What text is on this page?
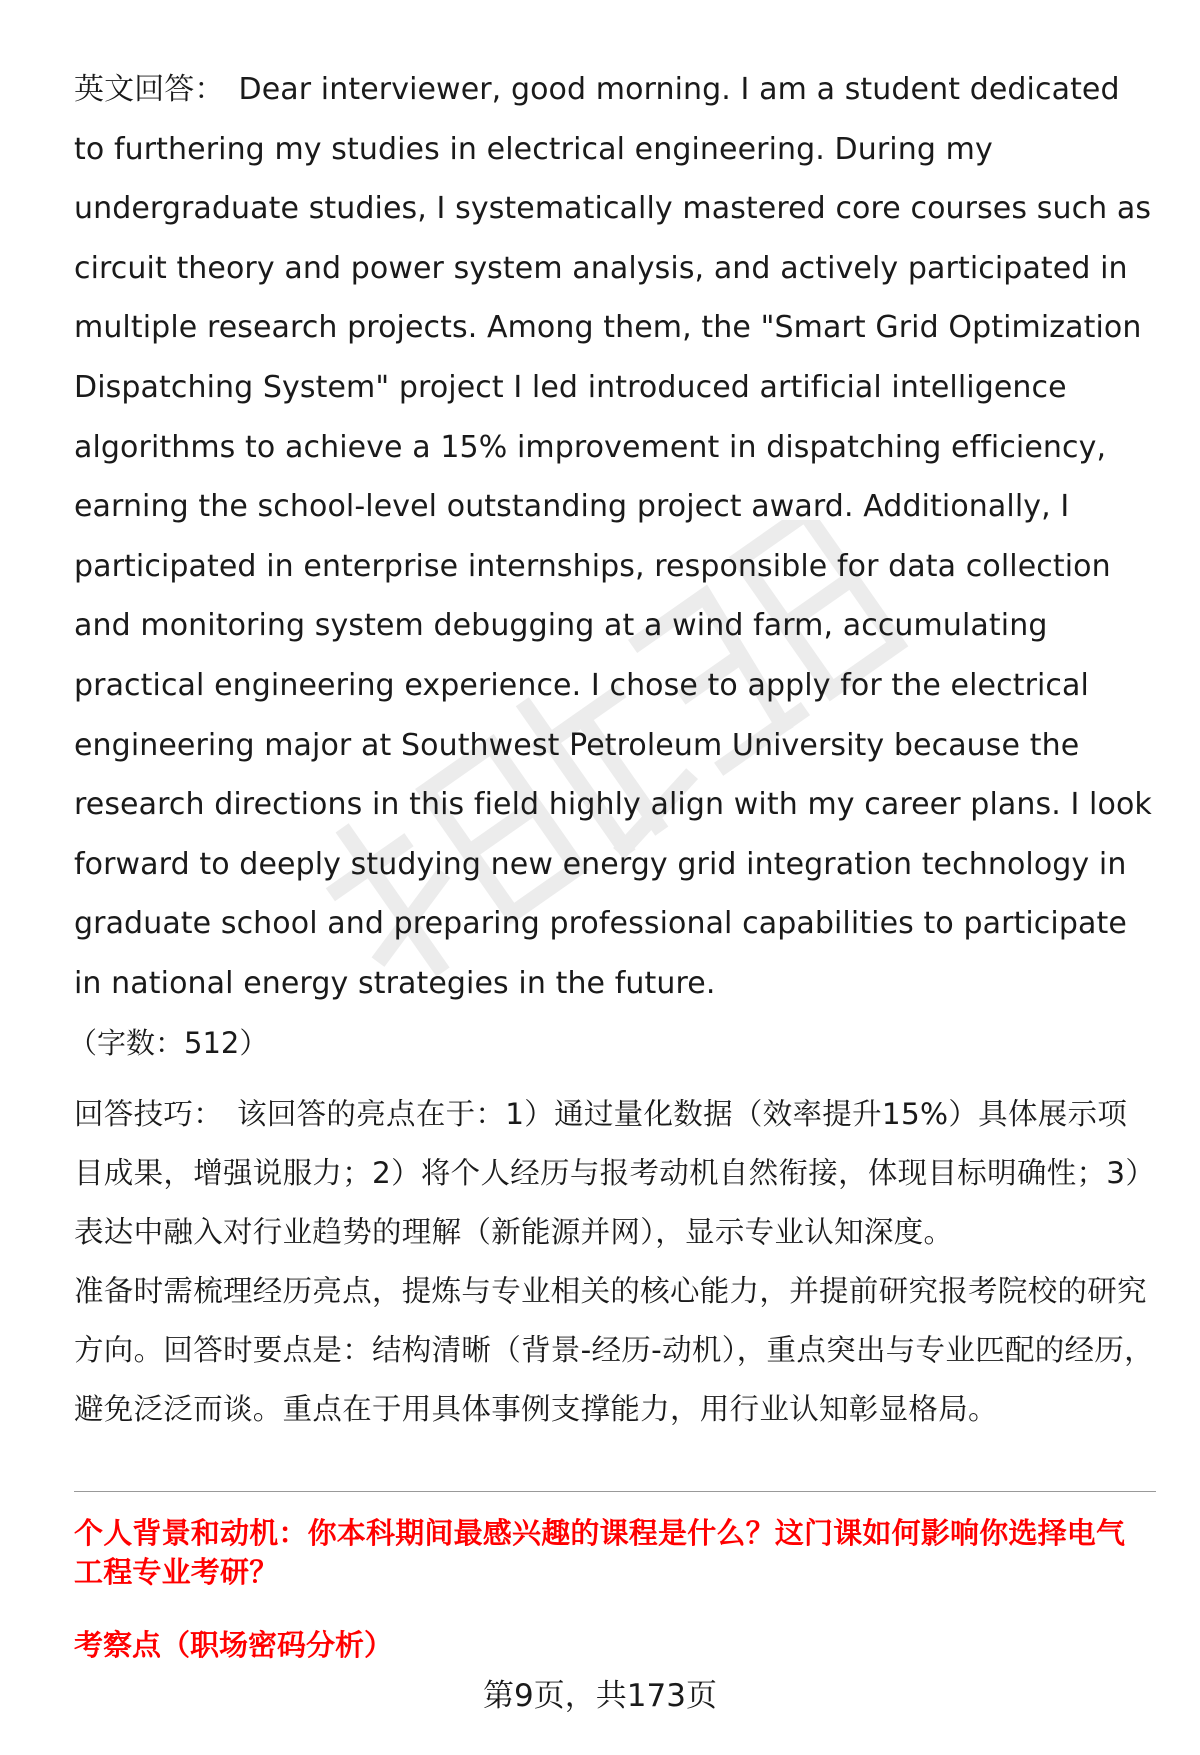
英文回答： Dear interviewer, good morning. I am a student dedicated to furthering my studies in electrical engineering. During my undergraduate studies, I systematically mastered core courses such as circuit theory and power system analysis, and actively participated in multiple research projects. Among them, the "Smart Grid Optimization Dispatching System" project I led introduced artificial intelligence algorithms to achieve a 15% improvement in dispatching efficiency, earning the school-level outstanding project award. Additionally, I participated in enterprise internships, responsible for data collection and monitoring system debugging at a wind farm, accumulating practical engineering experience. I chose to apply for the electrical engineering major at Southwest Petroleum University because the research directions in this field highly align with my career plans. I look forward to deeply studying new energy grid integration technology in graduate school and preparing professional capabilities to participate in national energy strategies in the future.

（字数：512）

回答技巧： 该回答的亮点在于：1）通过量化数据（效率提升15%）具体展示项目成果，增强说服力；2）将个人经历与报考动机自然衔接，体现目标明确性；3）表达中融入对行业趋势的理解（新能源并网），显示专业认知深度。

准备时需梳理经历亮点，提炼与专业相关的核心能力，并提前研究报考院校的研究方向。回答时要点是：结构清晰（背景-经历-动机），重点突出与专业匹配的经历，避免泛泛而谈。重点在于用具体事例支撑能力，用行业认知彰显格局。

个人背景和动机：你本科期间最感兴趣的课程是什么？这门课如何影响你选择电气工程专业考研？
考察点（职场密码分析）
第9页，共173页
